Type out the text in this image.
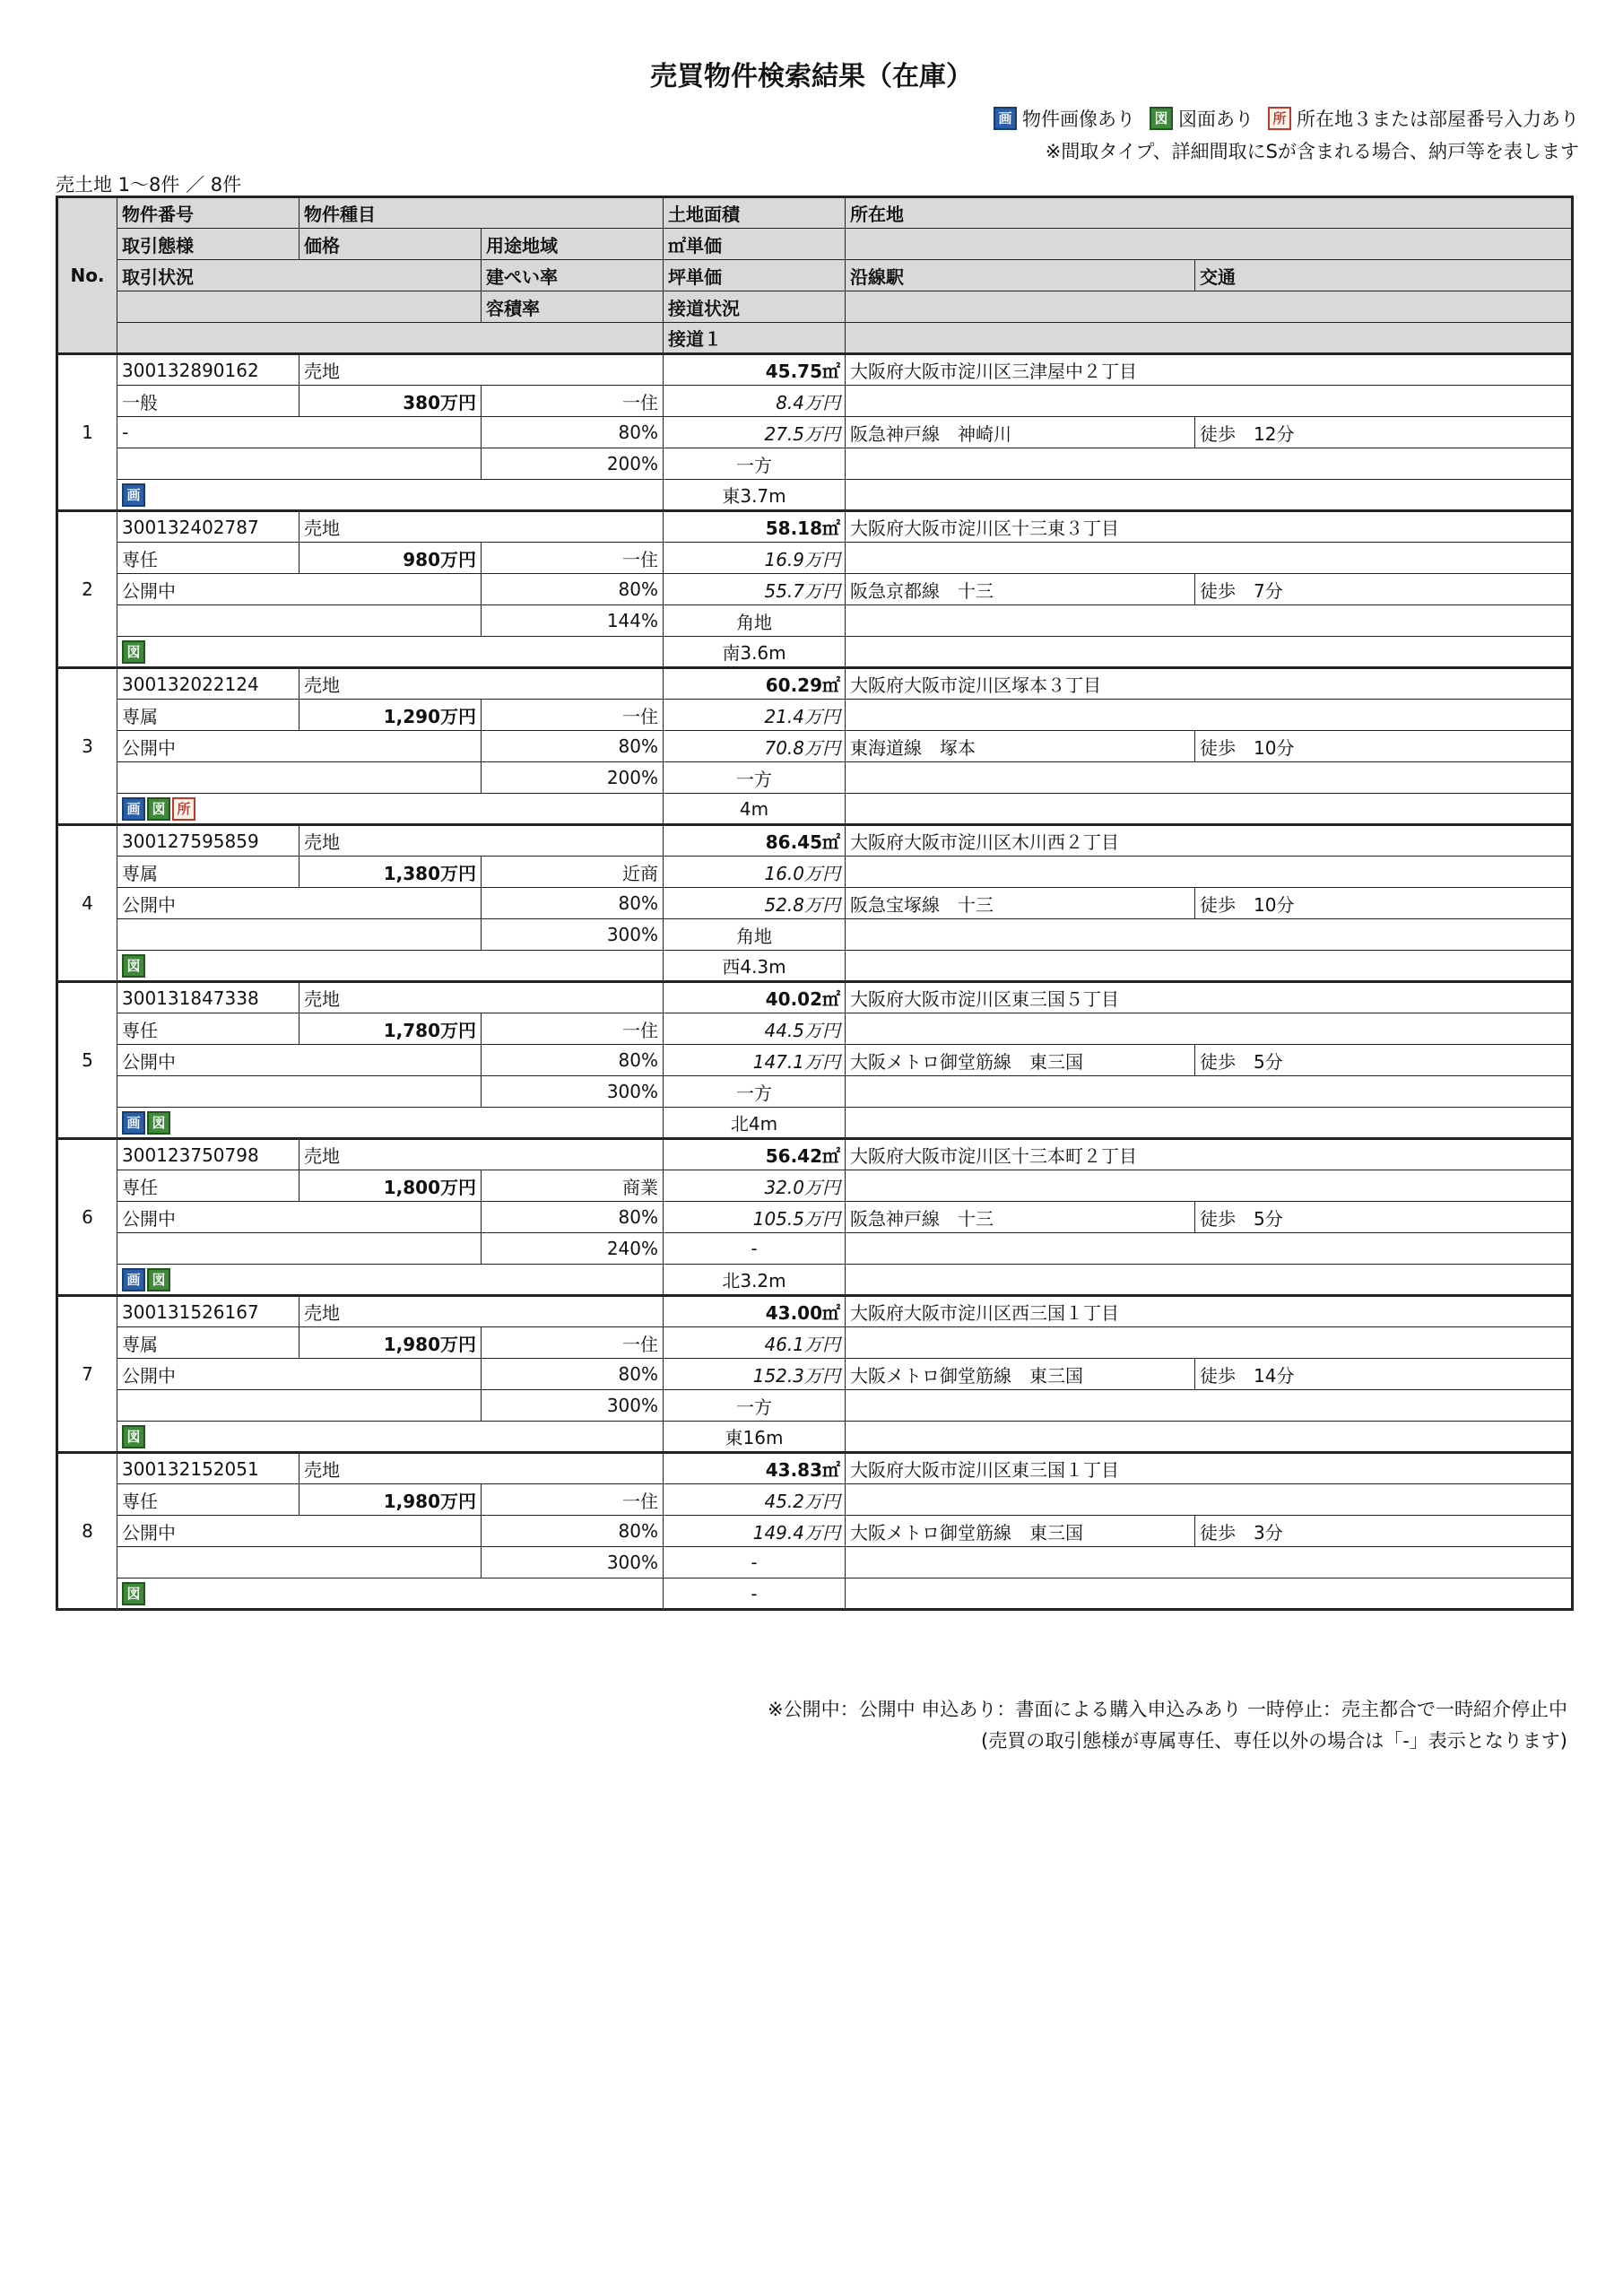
売買物件検索結果（在庫）
画 物件画像あり	図 図面あり	所 所在地３または部屋番号入力あり
※間取タイプ、詳細間取にSが含まれる場合、納戸等を表します
売土地 1～8件 ／ 8件
No.	物件番号	物件種目		土地面積	所在地	
	取引態様	価格	用途地域	㎡単価		
	取引状況		建ぺい率	坪単価	沿線駅	交通
			容積率	接道状況		
				接道１		
1	300132890162	売地		45.75㎡	大阪府大阪市淀川区三津屋中２丁目	
	一般	380万円	一住	8.4万円		
	-		80%	27.5万円	阪急神戸線　神崎川	徒歩　12分
			200%	一方		
	画			東3.7m		
2	300132402787	売地		58.18㎡	大阪府大阪市淀川区十三東３丁目	
	専任	980万円	一住	16.9万円		
	公開中		80%	55.7万円	阪急京都線　十三	徒歩　7分
			144%	角地		
	図			南3.6m		
3	300132022124	売地		60.29㎡	大阪府大阪市淀川区塚本３丁目	
	専属	1,290万円	一住	21.4万円		
	公開中		80%	70.8万円	東海道線　塚本	徒歩　10分
			200%	一方		
	画 図 所			4m		
4	300127595859	売地		86.45㎡	大阪府大阪市淀川区木川西２丁目	
	専属	1,380万円	近商	16.0万円		
	公開中		80%	52.8万円	阪急宝塚線　十三	徒歩　10分
			300%	角地		
	図			西4.3m		
5	300131847338	売地		40.02㎡	大阪府大阪市淀川区東三国５丁目	
	専任	1,780万円	一住	44.5万円		
	公開中		80%	147.1万円	大阪メトロ御堂筋線　東三国	徒歩　5分
			300%	一方		
	画 図			北4m		
6	300123750798	売地		56.42㎡	大阪府大阪市淀川区十三本町２丁目	
	専任	1,800万円	商業	32.0万円		
	公開中		80%	105.5万円	阪急神戸線　十三	徒歩　5分
			240%	-		
	画 図			北3.2m		
7	300131526167	売地		43.00㎡	大阪府大阪市淀川区西三国１丁目	
	専属	1,980万円	一住	46.1万円		
	公開中		80%	152.3万円	大阪メトロ御堂筋線　東三国	徒歩　14分
			300%	一方		
	図			東16m		
8	300132152051	売地		43.83㎡	大阪府大阪市淀川区東三国１丁目	
	専任	1,980万円	一住	45.2万円		
	公開中		80%	149.4万円	大阪メトロ御堂筋線　東三国	徒歩　3分
			300%	-		
	図			-		
※公開中：公開中 申込あり：書面による購入申込みあり 一時停止：売主都合で一時紹介停止中
(売買の取引態様が専属専任、専任以外の場合は「-」表示となります)
